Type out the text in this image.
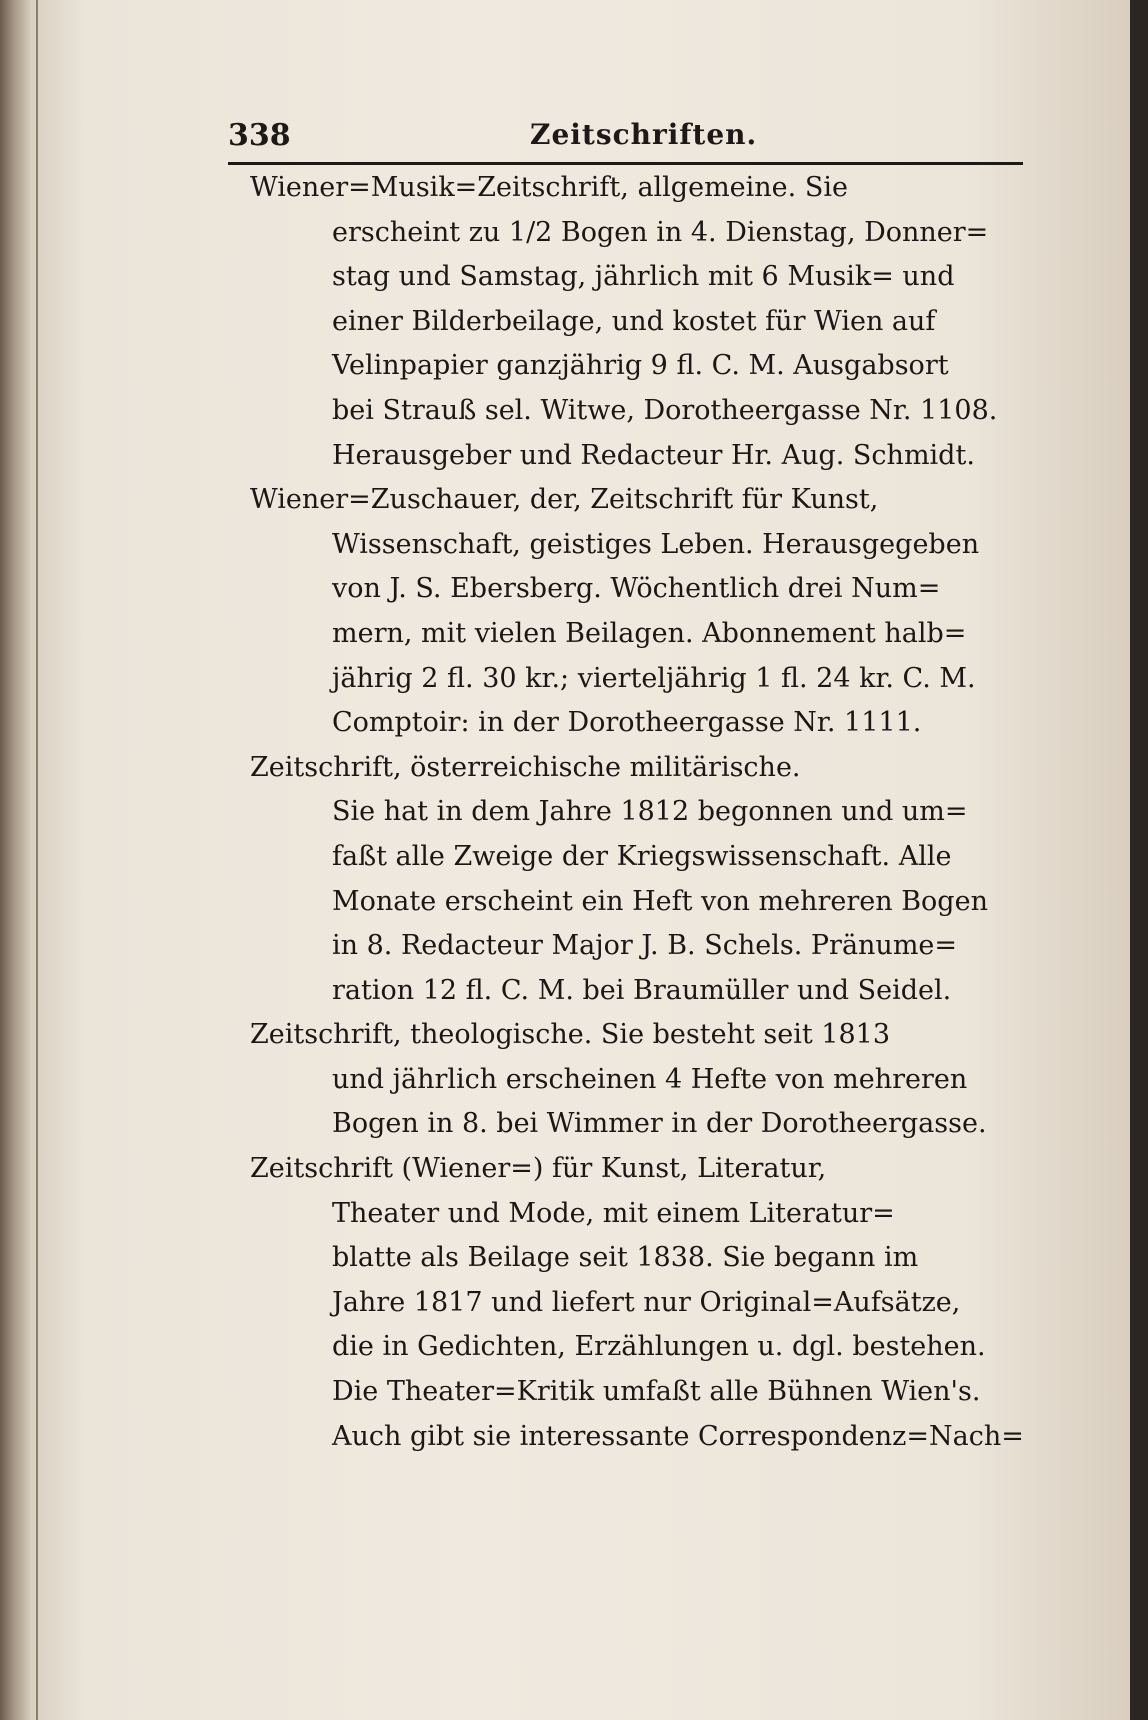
338	Zeitschriften.
Wiener=Musik=Zeitschrift, allgemeine. Sie
erscheint zu 1/2 Bogen in 4. Dienstag, Donner=
stag und Samstag, jährlich mit 6 Musik= und
einer Bilderbeilage, und kostet für Wien auf
Velinpapier ganzjährig 9 fl. C. M. Ausgabsort
bei Strauß sel. Witwe, Dorotheergasse Nr. 1108.
Herausgeber und Redacteur Hr. Aug. Schmidt.
Wiener=Zuschauer, der, Zeitschrift für Kunst,
Wissenschaft, geistiges Leben. Herausgegeben
von J. S. Ebersberg. Wöchentlich drei Num=
mern, mit vielen Beilagen. Abonnement halb=
jährig 2 fl. 30 kr.; vierteljährig 1 fl. 24 kr. C. M.
Comptoir: in der Dorotheergasse Nr. 1111.
Zeitschrift, österreichische militärische.
Sie hat in dem Jahre 1812 begonnen und um=
faßt alle Zweige der Kriegswissenschaft. Alle
Monate erscheint ein Heft von mehreren Bogen
in 8. Redacteur Major J. B. Schels. Pränume=
ration 12 fl. C. M. bei Braumüller und Seidel.
Zeitschrift, theologische. Sie besteht seit 1813
und jährlich erscheinen 4 Hefte von mehreren
Bogen in 8. bei Wimmer in der Dorotheergasse.
Zeitschrift (Wiener=) für Kunst, Literatur,
Theater und Mode, mit einem Literatur=
blatte als Beilage seit 1838. Sie begann im
Jahre 1817 und liefert nur Original=Aufsätze,
die in Gedichten, Erzählungen u. dgl. bestehen.
Die Theater=Kritik umfaßt alle Bühnen Wien's.
Auch gibt sie interessante Correspondenz=Nach=
